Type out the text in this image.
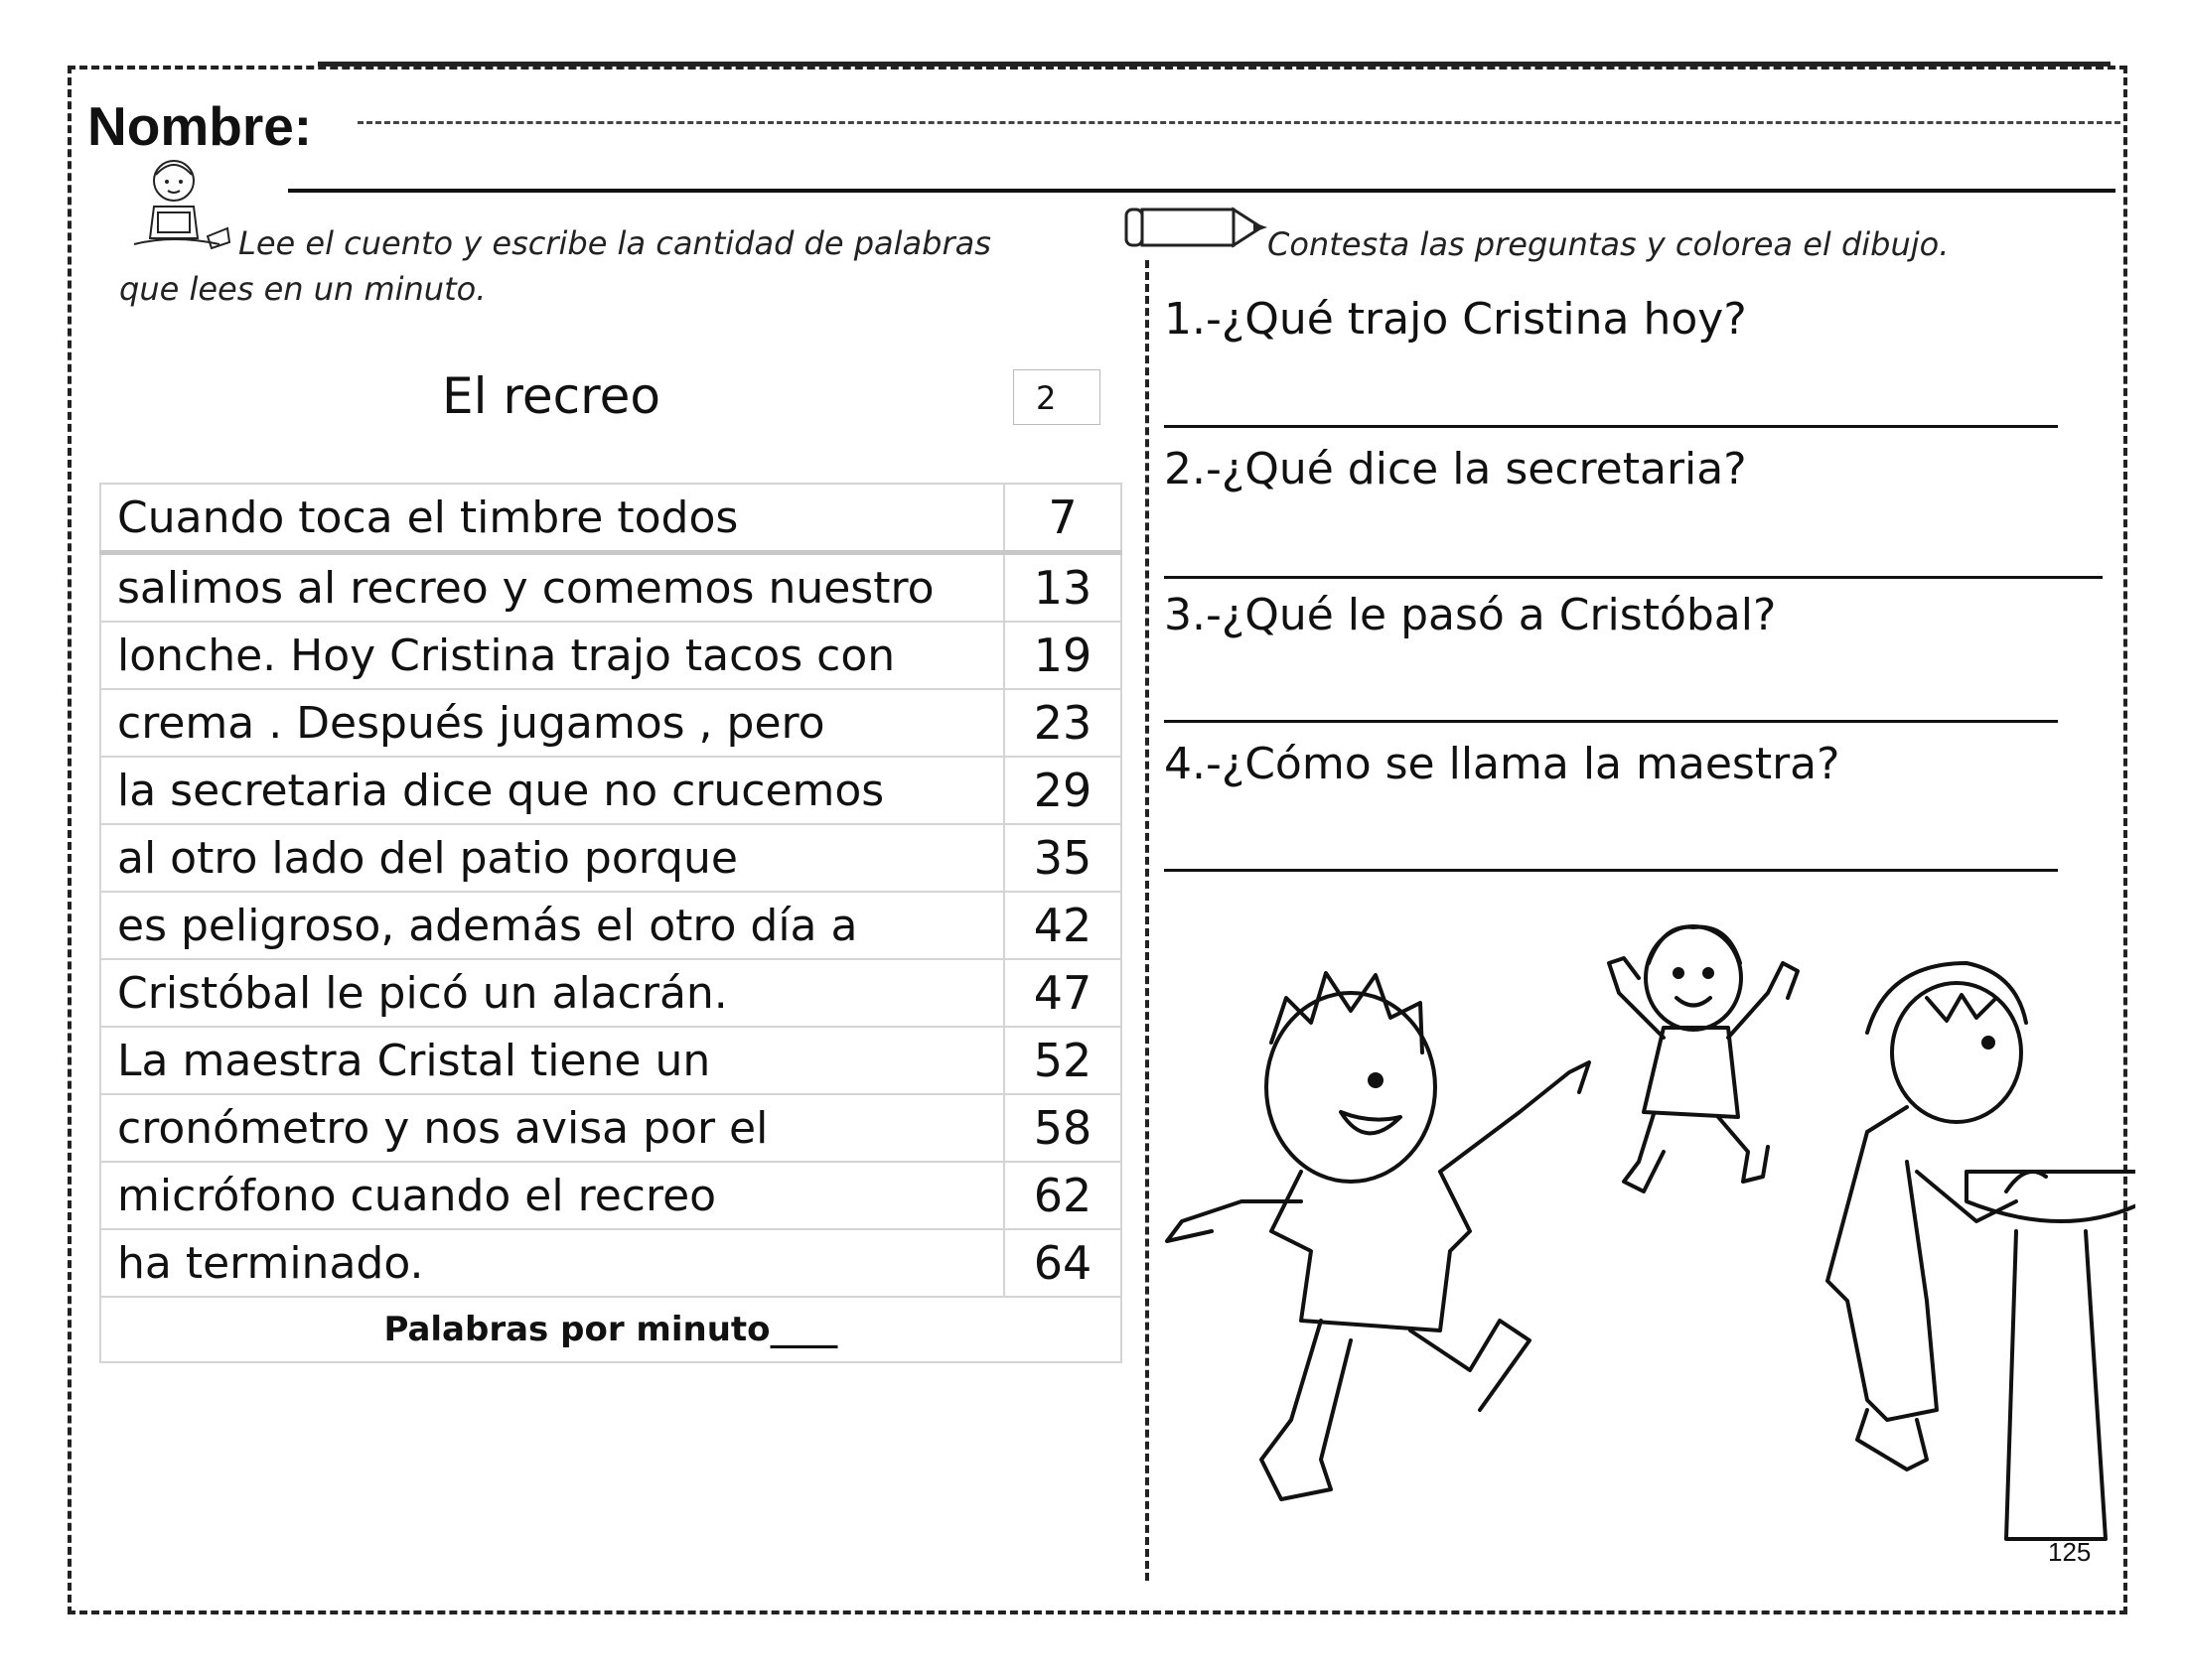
Nombre:
Lee el cuento y escribe la cantidad de palabras que lees en un minuto.
El recreo	2
Cuando toca el timbre todos	7
salimos al recreo y comemos nuestro	13
lonche. Hoy Cristina trajo tacos con	19
crema . Después jugamos , pero	23
la secretaria dice que no crucemos	29
al otro lado del patio porque	35
es peligroso, además el otro día a	42
Cristóbal le picó un alacrán.	47
La maestra Cristal tiene un	52
cronómetro y nos avisa por el	58
micrófono cuando el recreo	62
ha terminado.	64
Palabras por minuto____	
Contesta las preguntas y colorea el dibujo.
1.-¿Qué trajo Cristina hoy?
2.-¿Qué dice la secretaria?
3.-¿Qué le pasó a Cristóbal?
4.-¿Cómo se llama la maestra?
125
